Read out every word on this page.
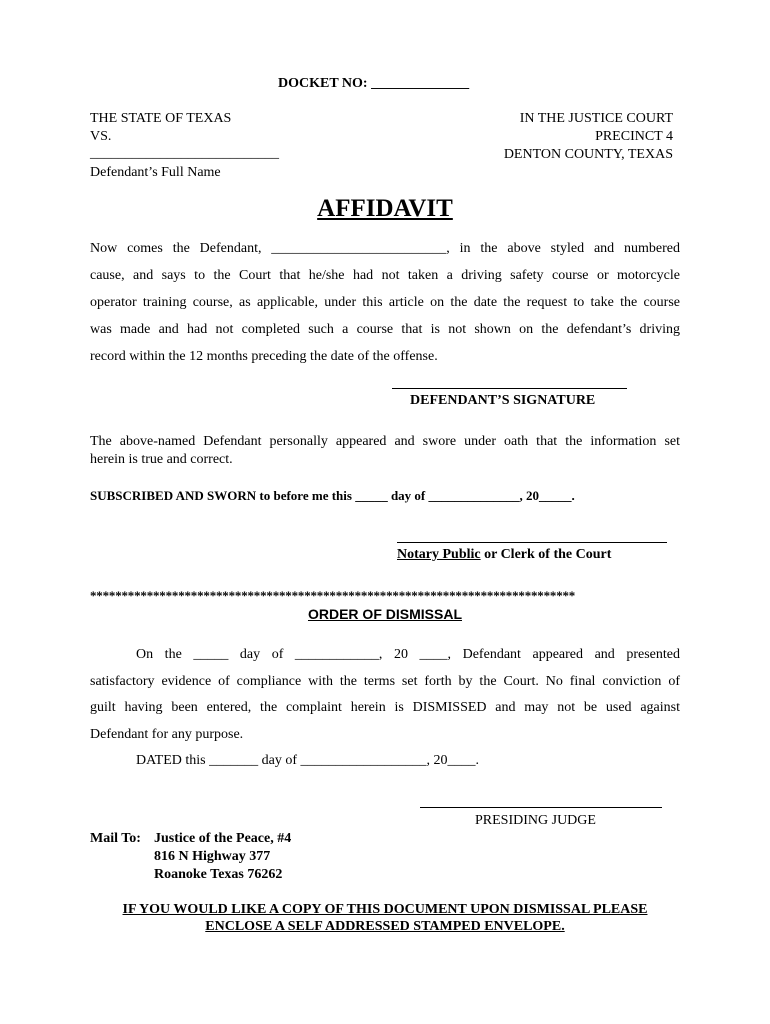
DOCKET NO: ______________
THE STATE OF TEXAS
VS.
___________________________
Defendant’s Full Name
IN THE JUSTICE COURT
PRECINCT 4
DENTON COUNTY, TEXAS
AFFIDAVIT
Now comes the Defendant, _________________________, in the above styled and numbered
cause, and says to the Court that he/she had not taken a driving safety course or motorcycle
operator training course, as applicable, under this article on the date the request to take the course
was made and had not completed such a course that is not shown on the defendant’s driving
record within the 12 months preceding the date of the offense.
DEFENDANT’S SIGNATURE
The above-named Defendant personally appeared and swore under oath that the information set
herein is true and correct.
SUBSCRIBED AND SWORN to before me this _____ day of ______________, 20_____.
Notary Public or Clerk of the Court
*****************************************************************************
ORDER OF DISMISSAL
On the _____ day of ____________, 20 ____, Defendant appeared and presented
satisfactory evidence of compliance with the terms set forth by the Court. No final conviction of
guilt having been entered, the complaint herein is DISMISSED and may not be used against
Defendant for any purpose.
DATED this _______ day of __________________, 20____.
PRESIDING JUDGE
Mail To: Justice of the Peace, #4
816 N Highway 377
Roanoke Texas 76262
IF YOU WOULD LIKE A COPY OF THIS DOCUMENT UPON DISMISSAL PLEASE
ENCLOSE A SELF ADDRESSED STAMPED ENVELOPE.
